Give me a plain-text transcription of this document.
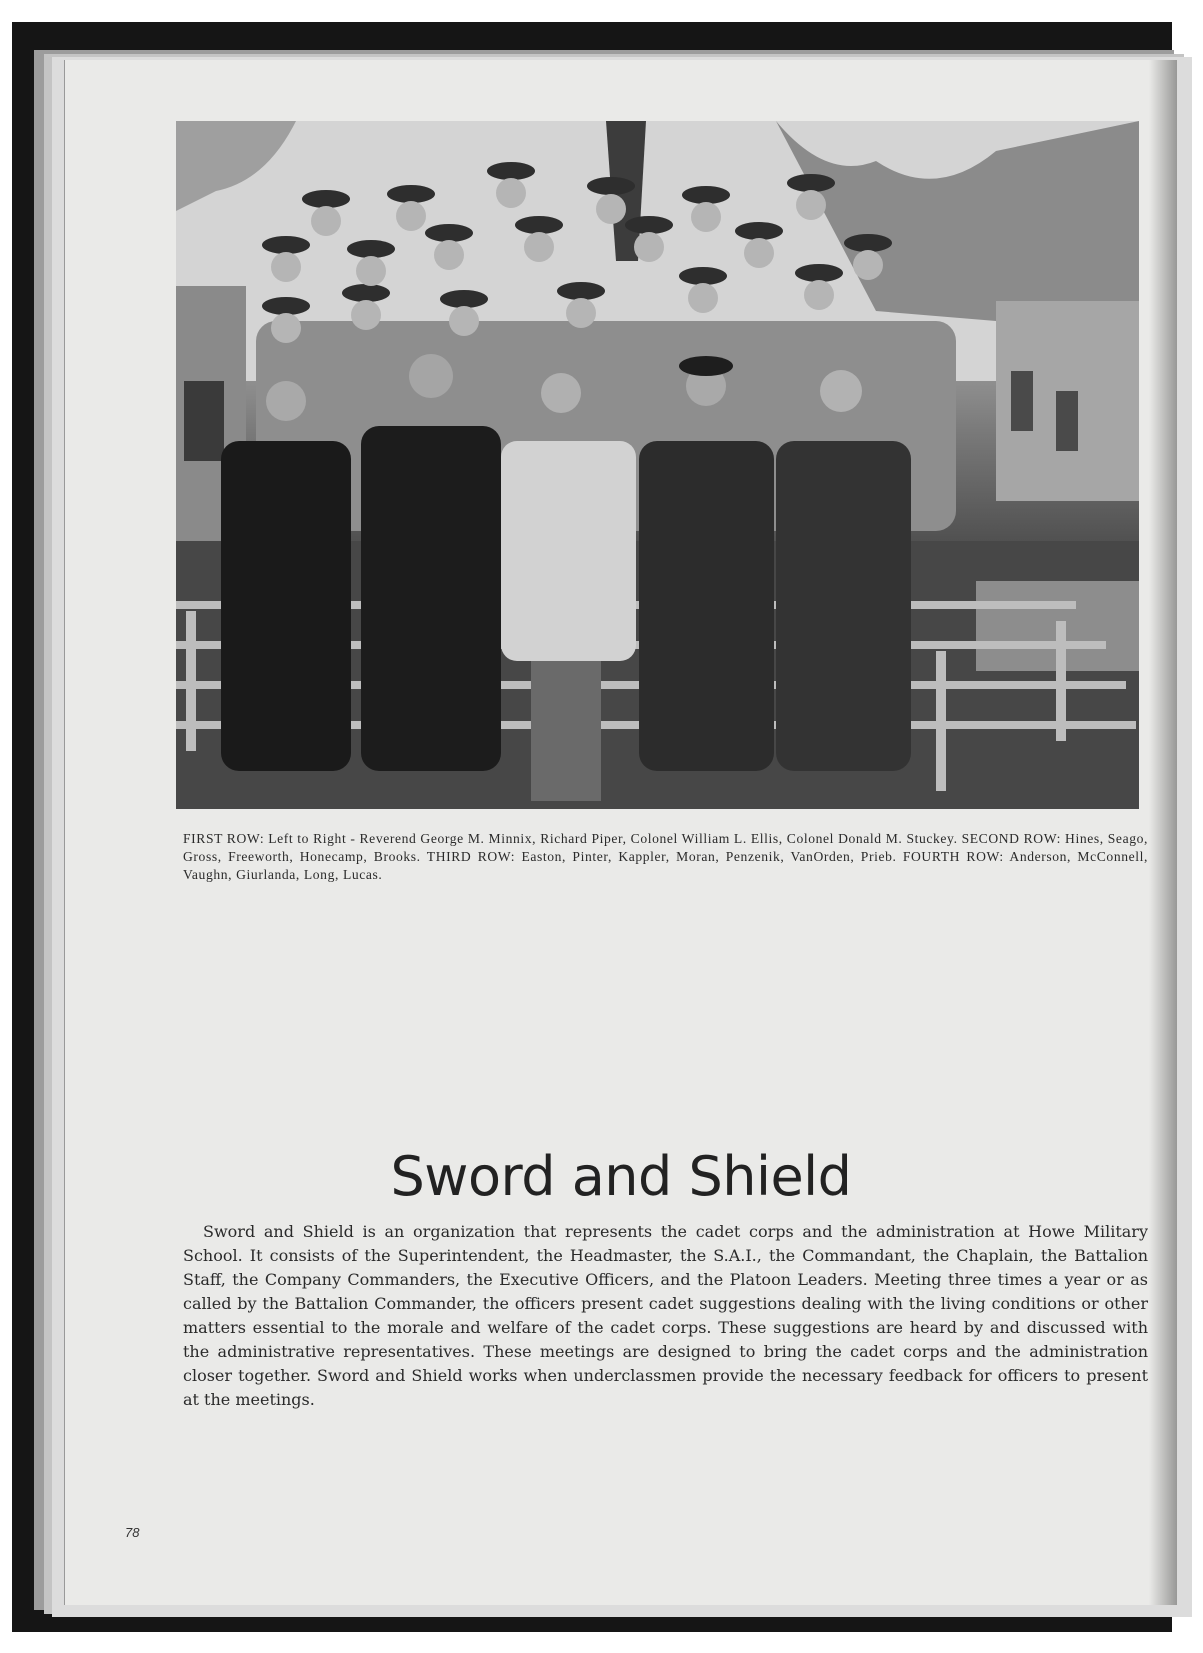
FIRST ROW: Left to Right - Reverend George M. Minnix, Richard Piper, Colonel William L. Ellis, Colonel Donald M. Stuckey. SECOND ROW: Hines, Seago, Gross, Freeworth, Honecamp, Brooks. THIRD ROW: Easton, Pinter, Kappler, Moran, Penzenik, VanOrden, Prieb. FOURTH ROW: Anderson, McConnell, Vaughn, Giurlanda, Long, Lucas.
Sword and Shield
Sword and Shield is an organization that represents the cadet corps and the administration at Howe Military School. It consists of the Superintendent, the Headmaster, the S.A.I., the Commandant, the Chaplain, the Battalion Staff, the Company Commanders, the Executive Officers, and the Platoon Leaders. Meeting three times a year or as called by the Battalion Commander, the officers present cadet suggestions dealing with the living conditions or other matters essential to the morale and welfare of the cadet corps. These suggestions are heard by and discussed with the administrative representatives. These meetings are designed to bring the cadet corps and the administration closer together. Sword and Shield works when underclassmen provide the necessary feedback for officers to present at the meetings.
78
